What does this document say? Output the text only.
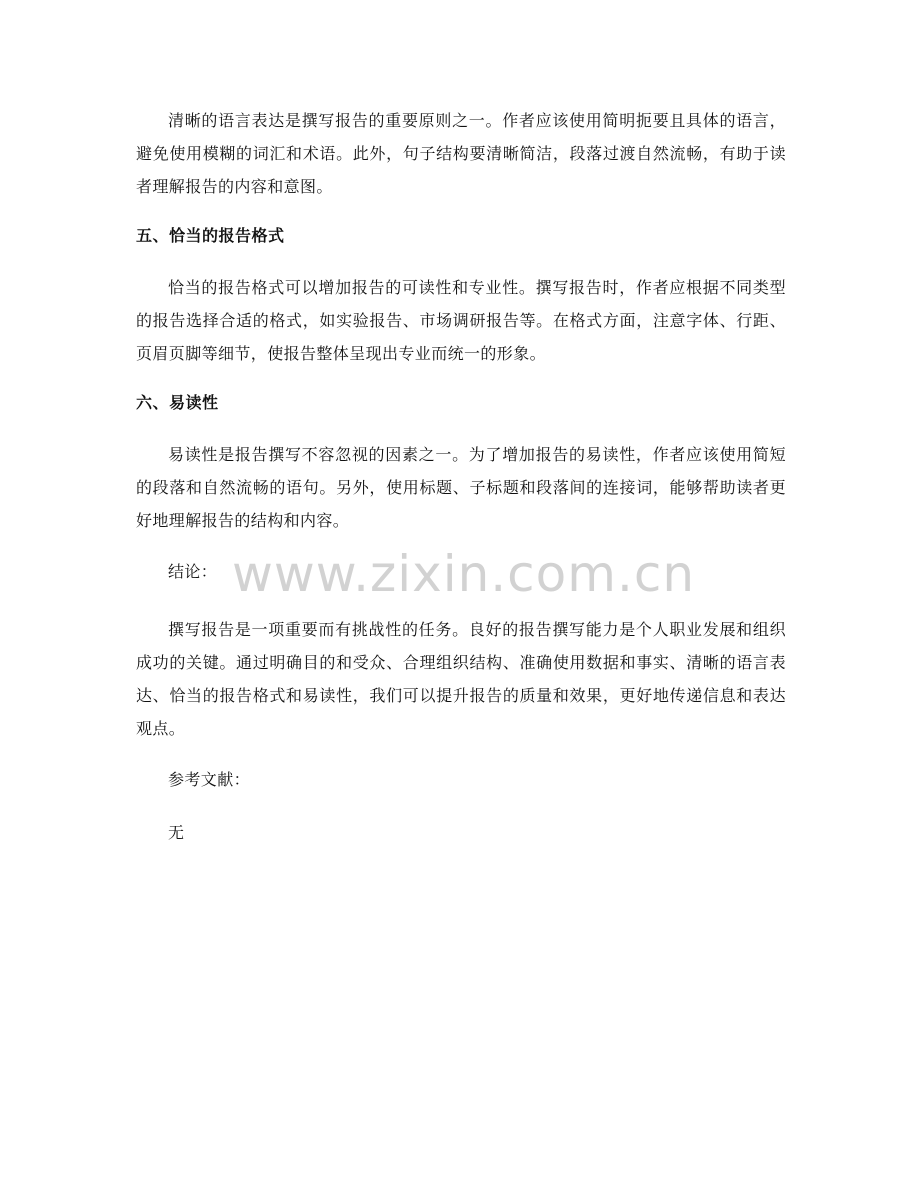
清晰的语言表达是撰写报告的重要原则之一。作者应该使用简明扼要且具体的语言，避免使用模糊的词汇和术语。此外，句子结构要清晰简洁，段落过渡自然流畅，有助于读者理解报告的内容和意图。

五、恰当的报告格式

恰当的报告格式可以增加报告的可读性和专业性。撰写报告时，作者应根据不同类型的报告选择合适的格式，如实验报告、市场调研报告等。在格式方面，注意字体、行距、页眉页脚等细节，使报告整体呈现出专业而统一的形象。

六、易读性

易读性是报告撰写不容忽视的因素之一。为了增加报告的易读性，作者应该使用简短的段落和自然流畅的语句。另外，使用标题、子标题和段落间的连接词，能够帮助读者更好地理解报告的结构和内容。

结论：

撰写报告是一项重要而有挑战性的任务。良好的报告撰写能力是个人职业发展和组织成功的关键。通过明确目的和受众、合理组织结构、准确使用数据和事实、清晰的语言表达、恰当的报告格式和易读性，我们可以提升报告的质量和效果，更好地传递信息和表达观点。

参考文献：

无

www.zixin.com.cn
